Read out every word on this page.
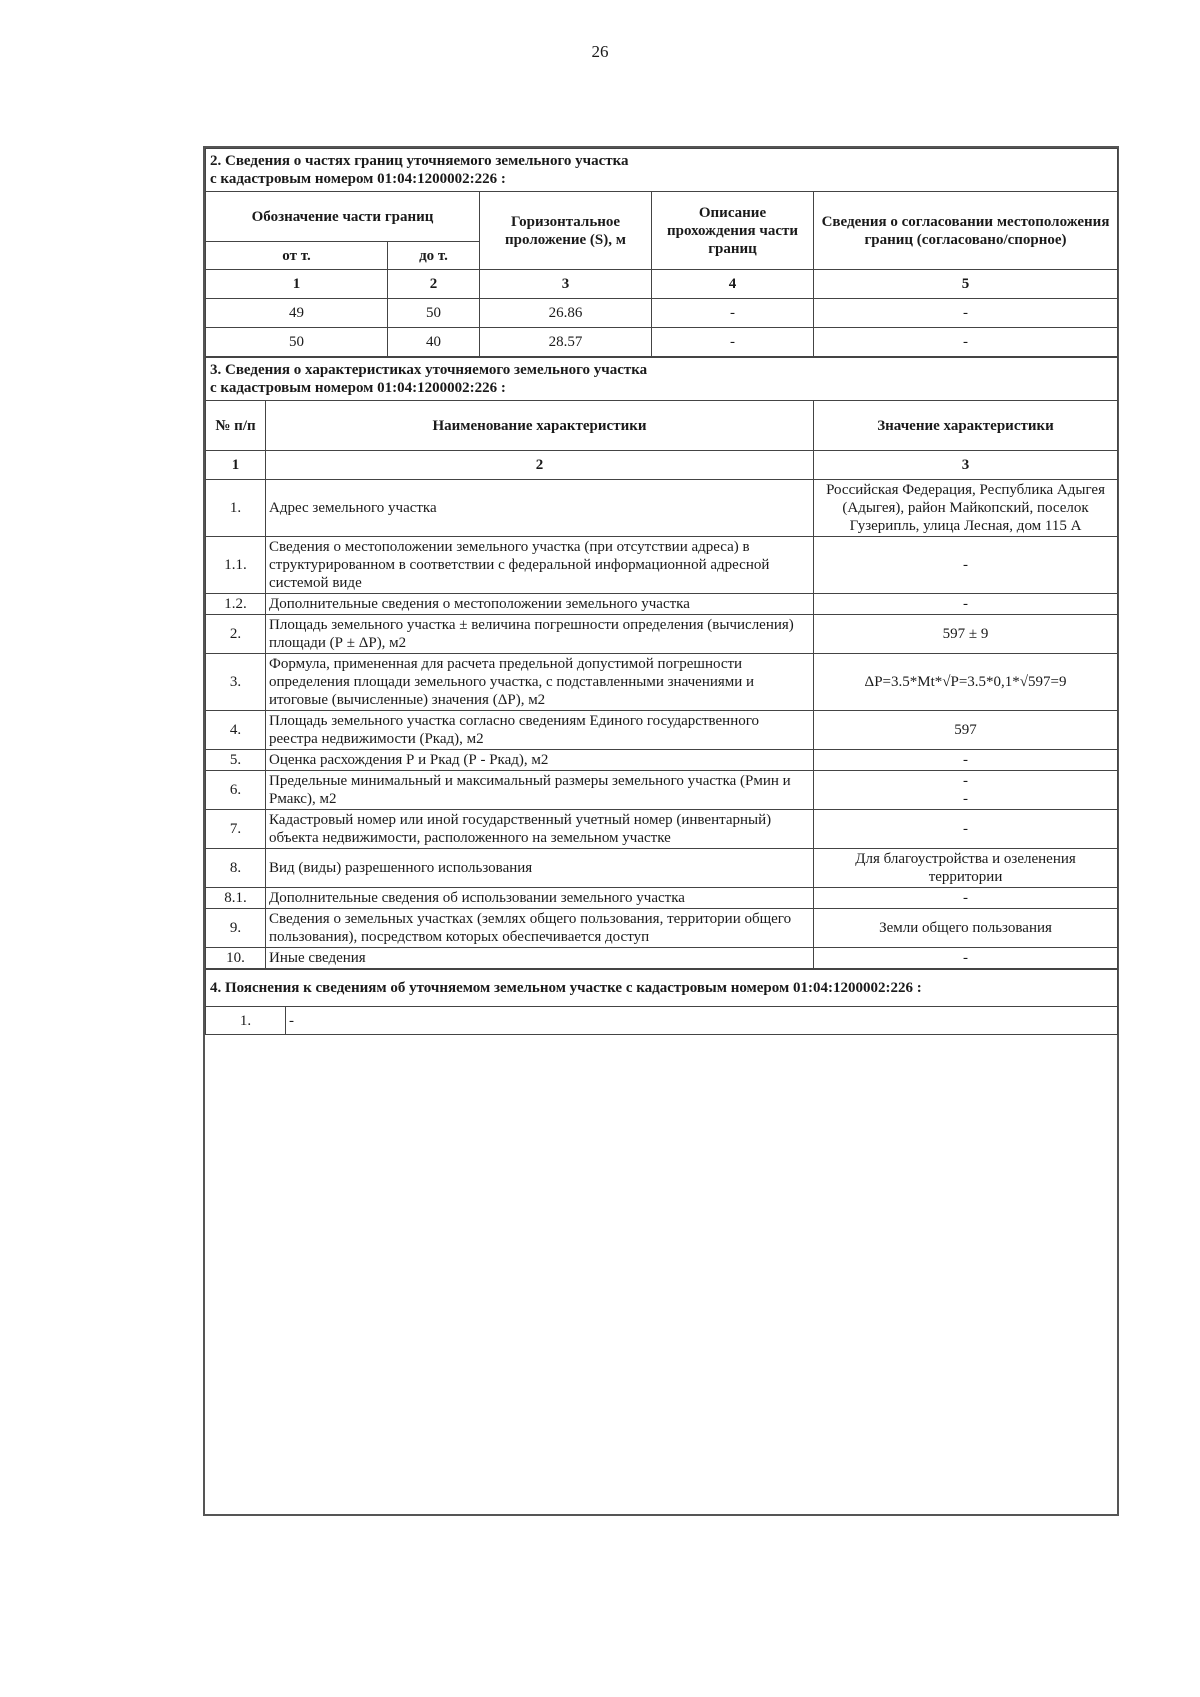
26
2. Сведения о частях границ уточняемого земельного участка
с кадастровым номером 01:04:1200002:226 :				

Обозначение части границ		Горизонтальное проложение (S), м	Описание прохождения части границ	Сведения о согласовании местоположения границ (согласовано/спорное)
от т.	до т.			
1	2	3	4	5
49	50	26.86	-	-
50	40	28.57	-	-
3. Сведения о характеристиках уточняемого земельного участка
с кадастровым номером 01:04:1200002:226 :		

№ п/п	Наименование характеристики	Значение характеристики
1	2	3
1.	Адрес земельного участка	Российская Федерация, Республика Адыгея (Адыгея), район Майкопский, поселок Гузерипль, улица Лесная, дом 115 А
1.1.	Сведения о местоположении земельного участка (при отсутствии адреса) в структурированном в соответствии с федеральной информационной адресной системой виде	-
1.2.	Дополнительные сведения о местоположении земельного участка	-
2.	Площадь земельного участка ± величина погрешности определения (вычисления) площади (Р ± ΔР), м2	597 ± 9
3.	Формула, примененная для расчета предельной допустимой погрешности определения площади земельного участка, с подставленными значениями и итоговые (вычисленные) значения (ΔР), м2	ΔР=3.5*Mt*√Р=3.5*0,1*√597=9
4.	Площадь земельного участка согласно сведениям Единого государственного реестра недвижимости (Ркад), м2	597
5.	Оценка расхождения Р и Ркад (Р - Ркад), м2	-
6.	Предельные минимальный и максимальный размеры земельного участка (Рмин и Рмакс), м2	-
-
7.	Кадастровый номер или иной государственный учетный номер (инвентарный) объекта недвижимости, расположенного на земельном участке	-
8.	Вид (виды) разрешенного использования	Для благоустройства и озеленения территории
8.1.	Дополнительные сведения об использовании земельного участка	-
9.	Сведения о земельных участках (землях общего пользования, территории общего пользования), посредством которых обеспечивается доступ	Земли общего пользования
10.	Иные сведения	-
4. Пояснения к сведениям об уточняемом земельном участке с кадастровым номером 01:04:1200002:226 :
1.	-
